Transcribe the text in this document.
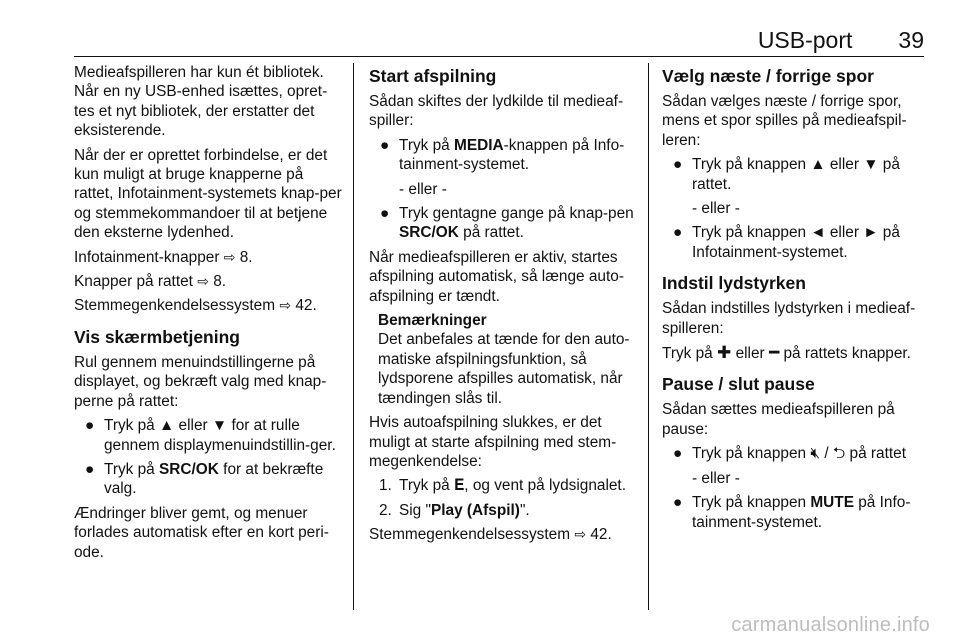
USB-port 39

Medieafspilleren har kun ét bibliotek. Når en ny USB-enhed isættes, opret-tes et nyt bibliotek, der erstatter det eksisterende.

Når der er oprettet forbindelse, er det kun muligt at bruge knapperne på rattet, Infotainment-systemets knap-per og stemmekommandoer til at betjene den eksterne lydenhed.

Infotainment-knapper ⇨ 8.

Knapper på rattet ⇨ 8.

Stemmegenkendelsessystem ⇨ 42.

Vis skærmbetjening

Rul gennem menuindstillingerne på displayet, og bekræft valg med knap-perne på rattet:

● Tryk på ▲ eller ▼ for at rulle gennem displaymenuindstillin-ger.
● Tryk på SRC/OK for at bekræfte valg.

Ændringer bliver gemt, og menuer forlades automatisk efter en kort peri-ode.

Start afspilning

Sådan skiftes der lydkilde til medieaf-spiller:

● Tryk på MEDIA-knappen på Info-tainment-systemet.
- eller -
● Tryk gentagne gange på knap-pen SRC/OK på rattet.

Når medieafspilleren er aktiv, startes afspilning automatisk, så længe auto-afspilning er tændt.

Bemærkninger
Det anbefales at tænde for den auto-matiske afspilningsfunktion, så lydsporene afspilles automatisk, når tændingen slås til.

Hvis autoafspilning slukkes, er det muligt at starte afspilning med stem-megenkendelse:

1. Tryk på 𝐄, og vent på lydsignalet.
2. Sig "Play (Afspil)".

Stemmegenkendelsessystem ⇨ 42.

Vælg næste / forrige spor

Sådan vælges næste / forrige spor, mens et spor spilles på medieafspil-leren:

● Tryk på knappen ▲ eller ▼ på rattet.
- eller -
● Tryk på knappen ◄ eller ► på Infotainment-systemet.
Indstil lydstyrken

Sådan indstilles lydstyrken i medieaf-spilleren:

Tryk på ✚ eller ━ på rattets knapper.

Pause / slut pause

Sådan sættes medieafspilleren på pause:

● Tryk på knappen 🔇︎ / ⮌ på rattet
- eller -
● Tryk på knappen MUTE på Info-tainment-systemet.
carmanualsonline.info
